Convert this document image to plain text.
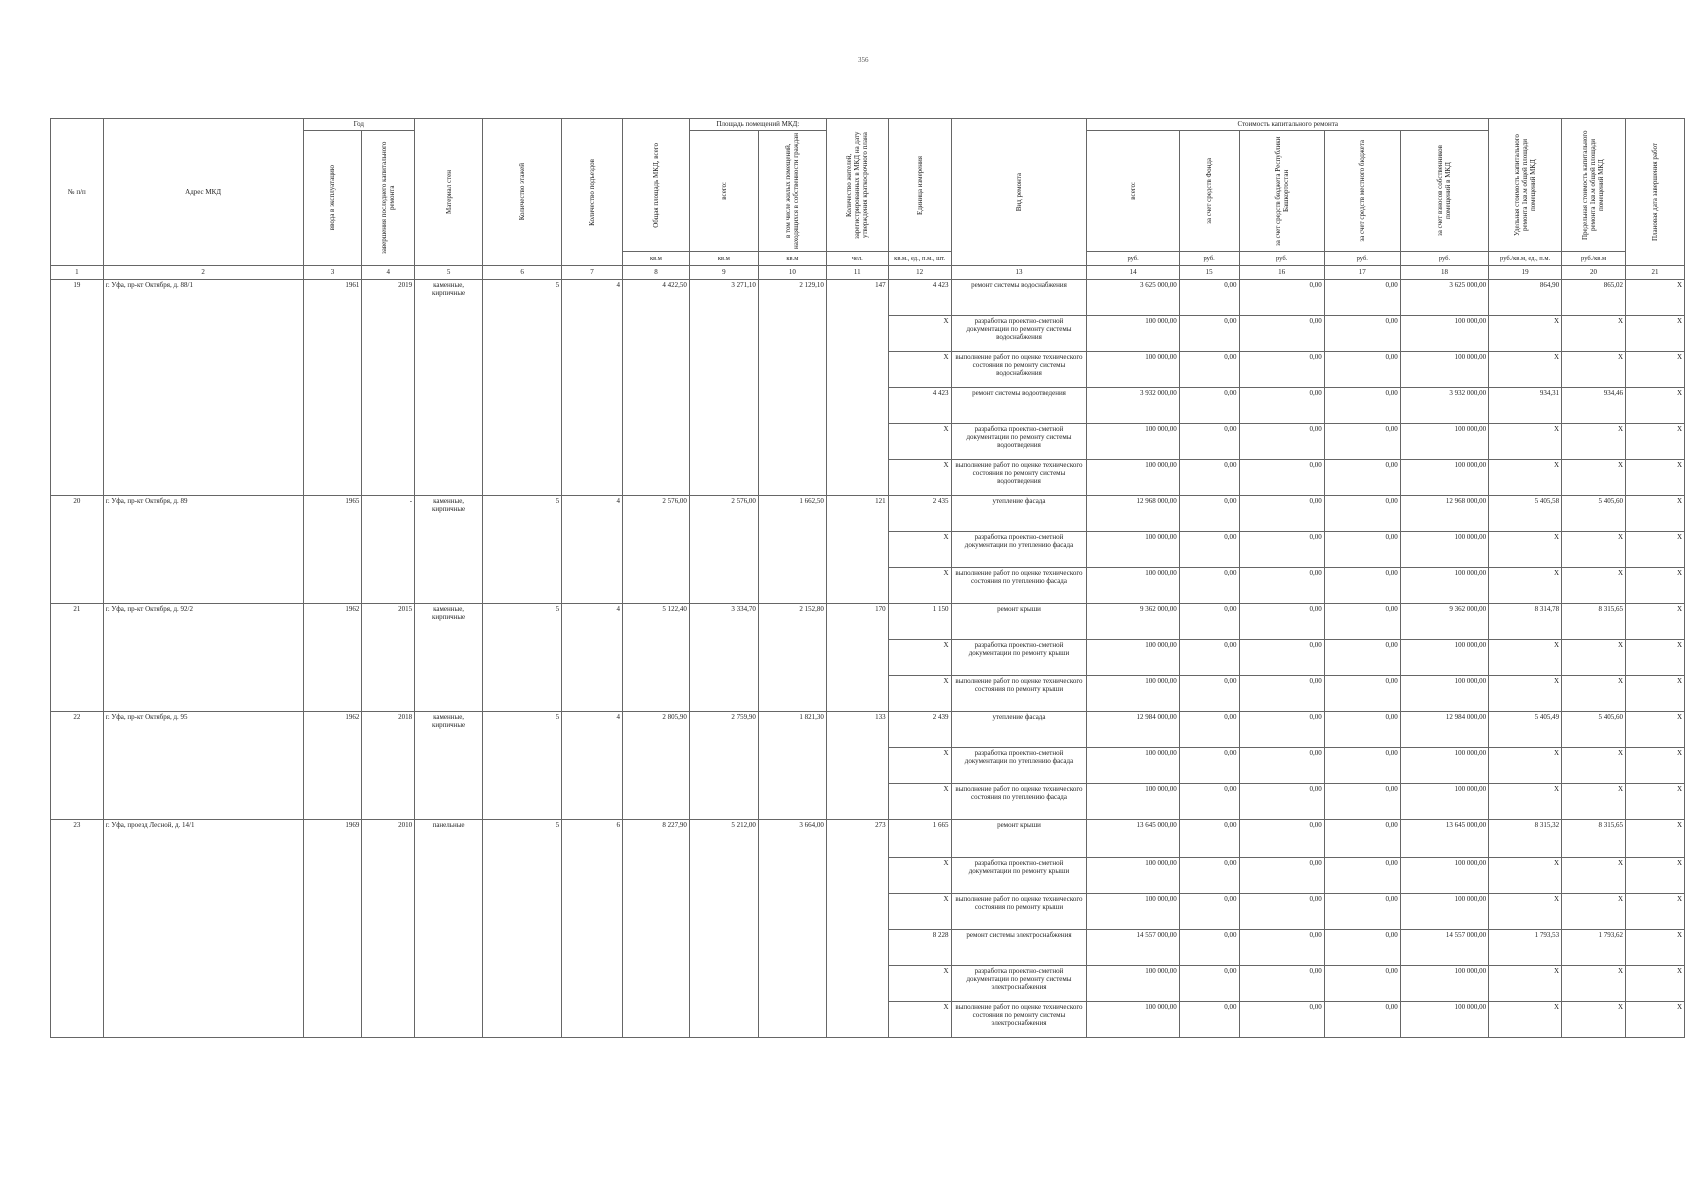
356
№ п/п	Адрес МКД	Год		Материал стен	Количество этажей	Количество подъездов	Общая площадь МКД, всего	Площадь помещений МКД:		Количество жителей, зарегистрированных в МКД на дату утверждения краткосрочного плана	Единица измерения	Вид ремонта	Стоимость капитального ремонта					Удельная стоимость капитального ремонта 1кв.м общей площади помещений МКД	Предельная стоимость капитального ремонта 1кв.м общей площади помещений МКД	Плановая дата завершения работ

		ввода в эксплуатацию	завершения последнего капитального ремонта					всего:	в том числе жилых помещений, находящихся в собственности граждан				всего:	за счет средств Фонда	за счет средств бюджета Республики Башкортостан	за счет средств местного бюджета	за счет взносов собственников помещений в МКД			

							кв.м	кв.м	кв.м	чел.	кв.м., ед., п.м., шт.		руб.	руб.	руб.	руб.	руб.	руб./кв.м, ед., п.м.	руб./кв.м	
1	2	3	4	5	6	7	8	9	10	11	12	13	14	15	16	17	18	19	20	21
19	г. Уфа, пр-кт Октября, д. 88/1	1961	2019	каменные, кирпичные	5	4	4 422,50	3 271,10	2 129,10	147	4 423	ремонт системы водоснабжения	3 625 000,00	0,00	0,00	0,00	3 625 000,00	864,90	865,02	X
											X	разработка проектно-сметной документации по ремонту системы водоснабжения	100 000,00	0,00	0,00	0,00	100 000,00	X	X	X
											X	выполнение работ по оценке технического состояния по ремонту системы водоснабжения	100 000,00	0,00	0,00	0,00	100 000,00	X	X	X
											4 423	ремонт системы водоотведения	3 932 000,00	0,00	0,00	0,00	3 932 000,00	934,31	934,46	X
											X	разработка проектно-сметной документации по ремонту системы водоотведения	100 000,00	0,00	0,00	0,00	100 000,00	X	X	X
											X	выполнение работ по оценке технического состояния по ремонту системы водоотведения	100 000,00	0,00	0,00	0,00	100 000,00	X	X	X
20	г. Уфа, пр-кт Октября, д. 89	1965	-	каменные, кирпичные	5	4	2 576,00	2 576,00	1 662,50	121	2 435	утепление фасада	12 968 000,00	0,00	0,00	0,00	12 968 000,00	5 405,58	5 405,60	X
											X	разработка проектно-сметной документации по утеплению фасада	100 000,00	0,00	0,00	0,00	100 000,00	X	X	X
											X	выполнение работ по оценке технического состояния по утеплению фасада	100 000,00	0,00	0,00	0,00	100 000,00	X	X	X
21	г. Уфа, пр-кт Октября, д. 92/2	1962	2015	каменные, кирпичные	5	4	5 122,40	3 334,70	2 152,80	170	1 150	ремонт крыши	9 362 000,00	0,00	0,00	0,00	9 362 000,00	8 314,78	8 315,65	X
											X	разработка проектно-сметной документации по ремонту крыши	100 000,00	0,00	0,00	0,00	100 000,00	X	X	X
											X	выполнение работ по оценке технического состояния по ремонту крыши	100 000,00	0,00	0,00	0,00	100 000,00	X	X	X
22	г. Уфа, пр-кт Октября, д. 95	1962	2018	каменные, кирпичные	5	4	2 805,90	2 759,90	1 821,30	133	2 439	утепление фасада	12 984 000,00	0,00	0,00	0,00	12 984 000,00	5 405,49	5 405,60	X
											X	разработка проектно-сметной документации по утеплению фасада	100 000,00	0,00	0,00	0,00	100 000,00	X	X	X
											X	выполнение работ по оценке технического состояния по утеплению фасада	100 000,00	0,00	0,00	0,00	100 000,00	X	X	X
23	г. Уфа, проезд Лесной, д. 14/1	1969	2010	панельные	5	6	8 227,90	5 212,00	3 664,00	273	1 665	ремонт крыши	13 645 000,00	0,00	0,00	0,00	13 645 000,00	8 315,32	8 315,65	X
											X	разработка проектно-сметной документации по ремонту крыши	100 000,00	0,00	0,00	0,00	100 000,00	X	X	X
											X	выполнение работ по оценке технического состояния по ремонту крыши	100 000,00	0,00	0,00	0,00	100 000,00	X	X	X
											8 228	ремонт системы электроснабжения	14 557 000,00	0,00	0,00	0,00	14 557 000,00	1 793,53	1 793,62	X
											X	разработка проектно-сметной документации по ремонту системы электроснабжения	100 000,00	0,00	0,00	0,00	100 000,00	X	X	X
											X	выполнение работ по оценке технического состояния по ремонту системы электроснабжения	100 000,00	0,00	0,00	0,00	100 000,00	X	X	X
